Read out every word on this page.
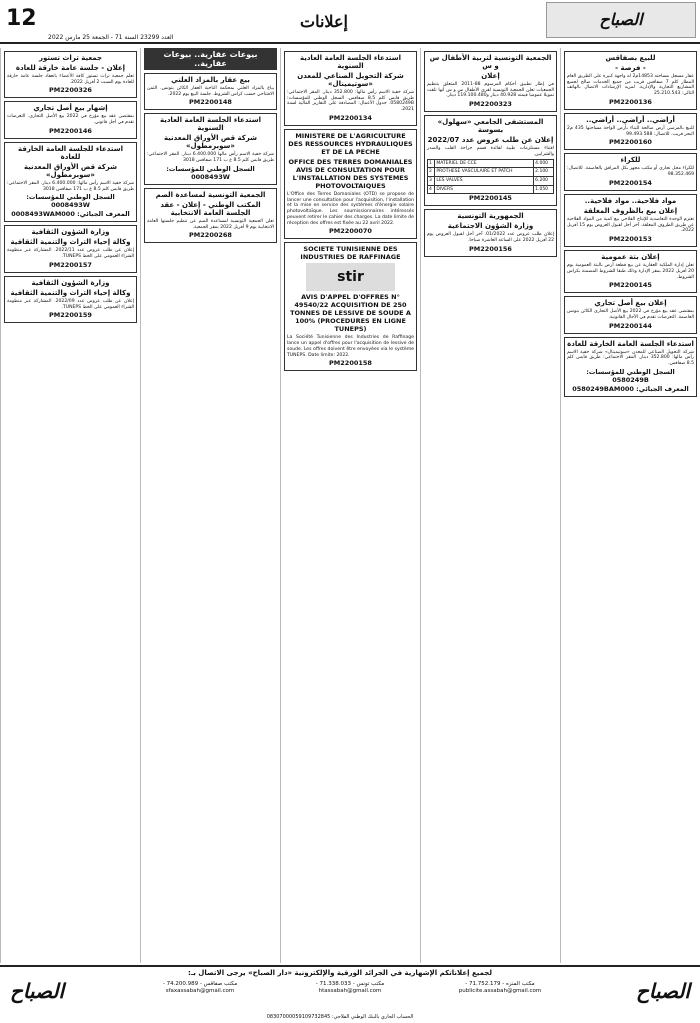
12
العدد 23299 السنة 71 - الجمعة 25 مارس 2022
إعلانات	الصباح
للبيع بصفاقس
- فرصة -

عقار مسجل مساحته 14853م2 له واجهة كبيرة على الطريق العام المطار كلم 7 صفاقس قريب من جميع الخدمات صالح لجميع المشاريع التجارية والإدارية. لمزيد الإرشادات الاتصال بالهاتف التالي: 25.210.543

PM2200136

أراضي.. أراضي.. أراضي..

للبيع بالمرسى أرض صالحة للبناء بأرض الواحة مساحتها 435 م2 البحر قريب. للاتصال: 99.493.588

PM2200160

للكراء

للكراء محل تجاري أو مكتب مجهز بكل المرافق بالعاصمة. للاتصال: 98.352.469

PM2200154

مواد فلاحية.. مواد فلاحية..
إعلان بيع بالظروف المغلقة

تعتزم الوحدة التعاضدية للإنتاج الفلاحي بيع كمية من المواد الفلاحية عن طريق الظروف المغلقة. آخر أجل لقبول العروض يوم 15 أفريل 2022.

PM2200153

إعلان بتة عمومية

تعلن إدارة الملكية العقارية عن بيع قطعة أرض بالبتة العمومية يوم 20 أفريل 2022 بمقر الإدارة وذلك طبقا للشروط المضمنة بكراس الشروط.

PM2200145

إعلان بيع أصل تجاري

بمقتضى عقد بيع مؤرخ في 2022 بيع الأصل التجاري الكائن بتونس العاصمة. التعرضات تقدم في الآجال القانونية.

PM2200144

استدعاء الجلسة العامة الخارقة للعادة

شركة التحويل الصناعي للمعدن «سوتيمينال» شركة خفية الاسم رأس مالها: 352.800 دينار. المقر الاجتماعي: طريق قابس كلم 8.5 صفاقس.

السجل الوطني للمؤسسات: 0580249B

المعرف الجبائي: 0580249BAM000

الجمعية التونسية لتربية الأطفال س و س
إعلان

في إطار تطبيق أحكام المرسوم 88-2011 المتعلق بتنظيم الجمعيات تعلن الجمعية التونسية لقرى الأطفال س و س أنها تلقت تمويلا عموميا قيمته 40.928 دينار و119.100.480 دينار.

PM2200323

المستشفى الجامعي «سهلول» بسوسة
إعلان عن طلب عروض عدد 2022/07

اقتناء مستلزمات طبية لفائدة قسم جراحة القلب والصدر والشرايين.

1	MATERIEL DE CCE	4.000
2	PROTHESE VASCULAIRE ET PATCH	2.100
3	LES VALVES	6.200
4	DIVERS	1.050

PM2200145

الجمهورية التونسية
وزارة الشؤون الاجتماعية

إعلان طلب عروض عدد 01/2022. آخر أجل لقبول العروض يوم 22 أفريل 2022 على الساعة العاشرة صباحا.

PM2200156

استدعاء الجلسة العامة العادية السنوية
شركة التحويل الصناعي للمعدن «سوتيمينال»

شركة خفية الاسم رأس مالها: 352.800 دينار. المقر الاجتماعي: طريق قابس كلم 8.5 صفاقس. السجل الوطني للمؤسسات: 0580249B. جدول الأعمال: المصادقة على التقارير المالية لسنة 2021.

PM2200134

MINISTERE DE L'AGRICULTURE DES RESSOURCES HYDRAULIQUES ET DE LA PECHE
OFFICE DES TERRES DOMANIALES AVIS DE CONSULTATION POUR L'INSTALLATION DES SYSTEMES PHOTOVOLTAIQUES

L'Office des Terres Domaniales (OTD) se propose de lancer une consultation pour l'acquisition, l'installation et la mise en service des systèmes d'énergie solaire photovoltaïque. Les soumissionnaires intéressés peuvent retirer le cahier des charges. La date limite de réception des offres est fixée au 22 avril 2022.

PM2200070

SOCIETE TUNISIENNE DES INDUSTRIES DE RAFFINAGE
stir
AVIS D'APPEL D'OFFRES N° 49540/22 ACQUISITION DE 250 TONNES DE LESSIVE DE SOUDE A 100% (PROCEDURES EN LIGNE TUNEPS)

La Société Tunisienne des Industries de Raffinage lance un appel d'offres pour l'acquisition de lessive de soude. Les offres doivent être envoyées via le système TUNEPS. Date limite: 2022.

PM2200158

بيوعات عقارية.. بيوعات عقارية..
بيع عقار بالمزاد العلني

يباع بالمزاد العلني بمحكمة الناحية العقار الكائن بتونس. الثمن الافتتاحي حسب كراس الشروط. جلسة البيع يوم 2022.

PM2200148

استدعاء الجلسة العامة العادية السنوية
شركة قص الأوراق المعدنية «سوبرمطول»

شركة خفية الاسم رأس مالها 6.400.000 دينار. المقر الاجتماعي: طريق قابس كلم 8.5 ع ب 171 صفاقس 3018

السجل الوطني للمؤسسات: 0008493W

الجمعية التونسية لمساعدة الصم
المكتب الوطني - إعلان - عقد الجلسة العامة الانتخابية

تعلن الجمعية التونسية لمساعدة الصم عن تنظيم جلستها العامة الانتخابية يوم 9 أفريل 2022 بمقر الجمعية.

PM2200268

جمعية تراث تستور
إعلان - جلسة عامة خارقة للعادة

تعلم جمعية تراث تستور كافة الأعضاء بانعقاد جلسة عامة خارقة للعادة يوم السبت 2 أفريل 2022.

PM2200326

إشهار بيع أصل تجاري

بمقتضى عقد بيع مؤرخ في 2022 بيع الأصل التجاري. التعرضات تقدم في أجل قانوني.

PM2200146

استدعاء للجلسة العامة الخارقة للعادة
شركة قص الأوراق المعدنية «سوبرمطول»

شركة خفية الاسم رأس مالها: 6.400.000 دينار. المقر الاجتماعي: طريق قابس كلم 8.5 ع ب 171 صفاقس 3018

السجل الوطني للمؤسسات: 0008493W

المعرف الجبائي: 0008493WAM000

وزارة الشؤون الثقافية
وكالة إحياء التراث والتنمية الثقافية

إعلان عن طلب عروض عدد 2022/11. المشاركة عبر منظومة الشراء العمومي على الخط TUNEPS.

PM2200157

وزارة الشؤون الثقافية
وكالة إحياء التراث والتنمية الثقافية

إعلان عن طلب عروض عدد 2022/09. المشاركة عبر منظومة الشراء العمومي على الخط TUNEPS.

PM2200159

الصباح	الصباح
لجميع إعلاناتكم الإشهارية في الجرائد الورقية والإلكترونية «دار الصباح» يرجى الاتصال بـ:
مكتب المنزه - 71.752.179 - publicite.assabah@gmail.com
مكتب تونس - 71.338.033 - htassabah@gmail.com
مكتب صفاقس - 74.200.989 - sfaxassabah@gmail.com
الحساب الجاري بالبنك الوطني الفلاحي: 08307000059109732845
